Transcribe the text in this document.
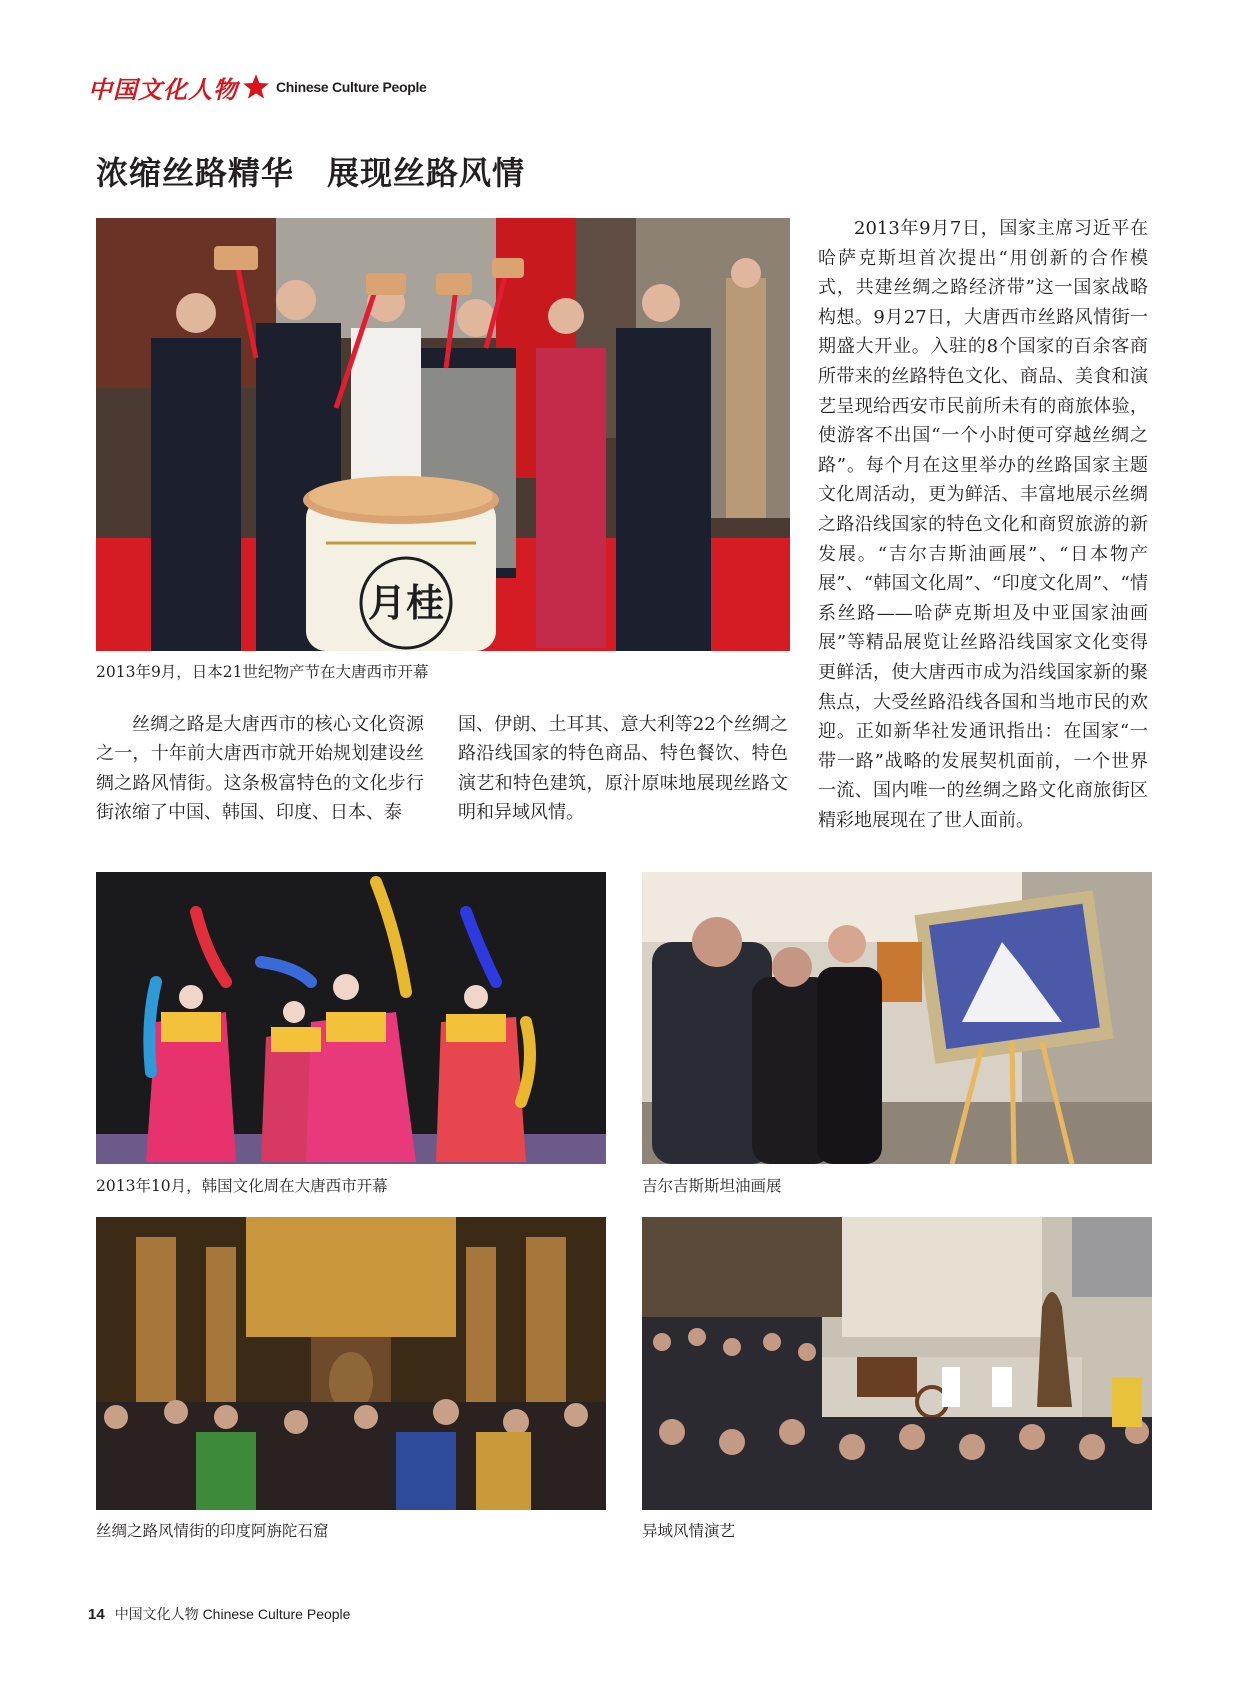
中国文化人物	Chinese Culture People
浓缩丝路精华　展现丝路风情
月桂

2013年9月，日本21世纪物产节在大唐西市开幕

丝绸之路是大唐西市的核心文化资源之一，十年前大唐西市就开始规划建设丝绸之路风情街。这条极富特色的文化步行街浓缩了中国、韩国、印度、日本、泰

国、伊朗、土耳其、意大利等22个丝绸之路沿线国家的特色商品、特色餐饮、特色演艺和特色建筑，原汁原味地展现丝路文明和异域风情。

2013年9月7日，国家主席习近平在哈萨克斯坦首次提出“用创新的合作模式，共建丝绸之路经济带”这一国家战略构想。9月27日，大唐西市丝路风情街一期盛大开业。入驻的8个国家的百余客商所带来的丝路特色文化、商品、美食和演艺呈现给西安市民前所未有的商旅体验，使游客不出国“一个小时便可穿越丝绸之路”。每个月在这里举办的丝路国家主题文化周活动，更为鲜活、丰富地展示丝绸之路沿线国家的特色文化和商贸旅游的新发展。“吉尔吉斯油画展”、“日本物产展”、“韩国文化周”、“印度文化周”、“情系丝路——哈萨克斯坦及中亚国家油画展”等精品展览让丝路沿线国家文化变得更鲜活，使大唐西市成为沿线国家新的聚焦点，大受丝路沿线各国和当地市民的欢迎。正如新华社发通讯指出：在国家“一带一路”战略的发展契机面前，一个世界一流、国内唯一的丝绸之路文化商旅街区精彩地展现在了世人面前。

2013年10月，韩国文化周在大唐西市开幕	吉尔吉斯斯坦油画展

丝绸之路风情街的印度阿旃陀石窟	异域风情演艺

14 中国文化人物 Chinese Culture People
